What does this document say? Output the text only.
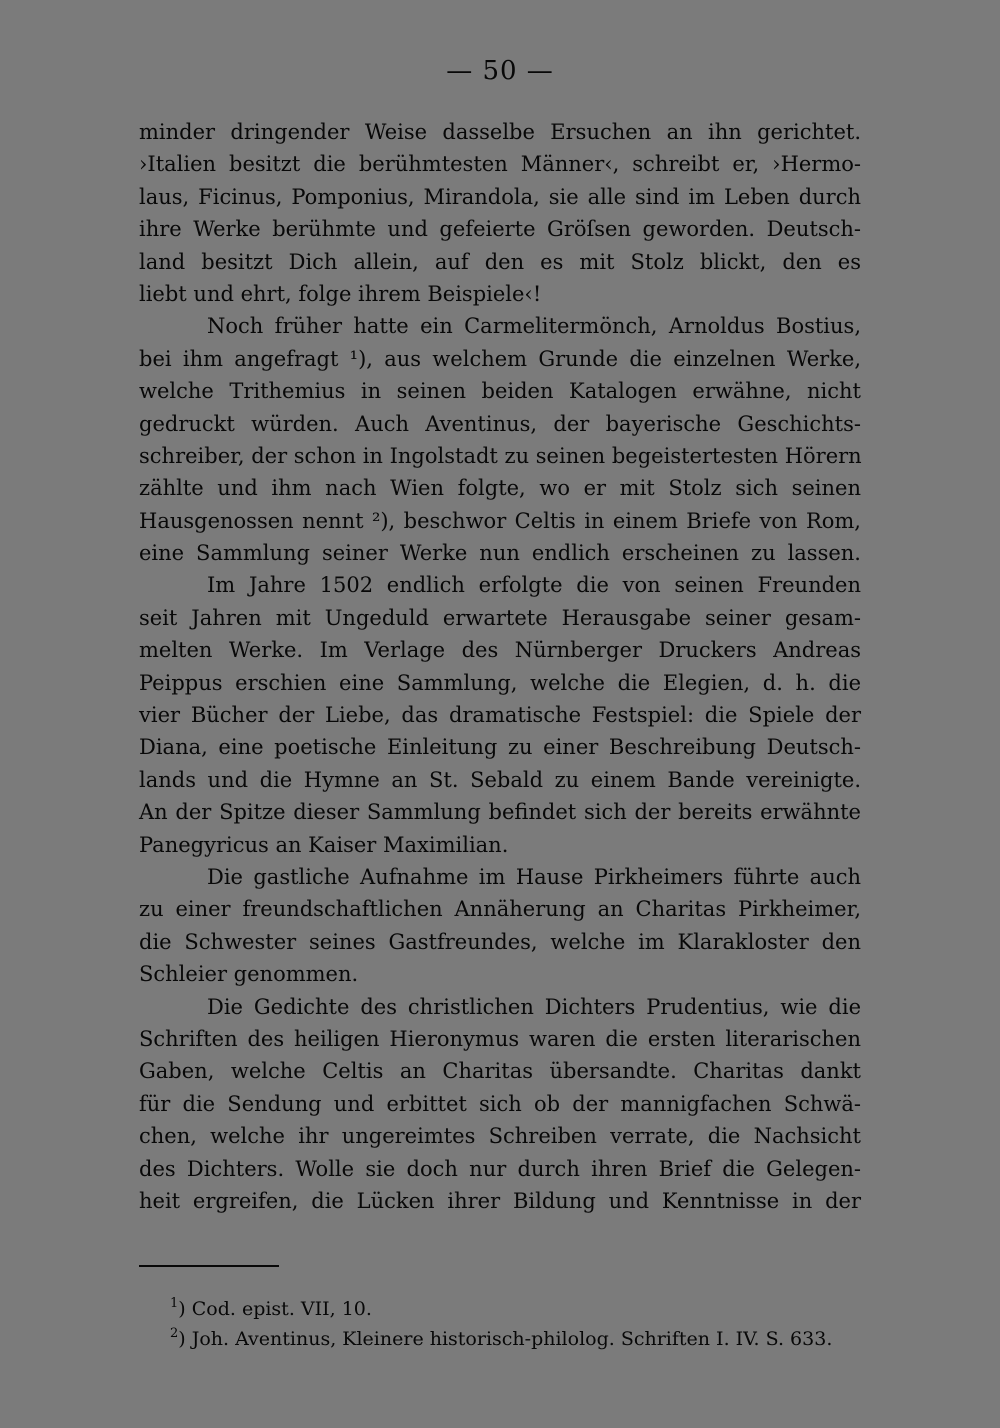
— 50 —
minder dringender Weise dasselbe Ersuchen an ihn gerichtet.
›Italien besitzt die berühmtesten Männer‹, schreibt er, ›Hermo-
laus, Ficinus, Pomponius, Mirandola, sie alle sind im Leben durch
ihre Werke berühmte und gefeierte Gröſsen geworden. Deutsch-
land besitzt Dich allein, auf den es mit Stolz blickt, den es
liebt und ehrt, folge ihrem Beispiele‹!
Noch früher hatte ein Carmelitermönch, Arnoldus Bostius,
bei ihm angefragt ¹), aus welchem Grunde die einzelnen Werke,
welche Trithemius in seinen beiden Katalogen erwähne, nicht
gedruckt würden. Auch Aventinus, der bayerische Geschichts-
schreiber, der schon in Ingolstadt zu seinen begeistertesten Hörern
zählte und ihm nach Wien folgte, wo er mit Stolz sich seinen
Hausgenossen nennt ²), beschwor Celtis in einem Briefe von Rom,
eine Sammlung seiner Werke nun endlich erscheinen zu lassen.
Im Jahre 1502 endlich erfolgte die von seinen Freunden
seit Jahren mit Ungeduld erwartete Herausgabe seiner gesam-
melten Werke. Im Verlage des Nürnberger Druckers Andreas
Peippus erschien eine Sammlung, welche die Elegien, d. h. die
vier Bücher der Liebe, das dramatische Festspiel: die Spiele der
Diana, eine poetische Einleitung zu einer Beschreibung Deutsch-
lands und die Hymne an St. Sebald zu einem Bande vereinigte.
An der Spitze dieser Sammlung befindet sich der bereits erwähnte
Panegyricus an Kaiser Maximilian.
Die gastliche Aufnahme im Hause Pirkheimers führte auch
zu einer freundschaftlichen Annäherung an Charitas Pirkheimer,
die Schwester seines Gastfreundes, welche im Klarakloster den
Schleier genommen.
Die Gedichte des christlichen Dichters Prudentius, wie die
Schriften des heiligen Hieronymus waren die ersten literarischen
Gaben, welche Celtis an Charitas übersandte. Charitas dankt
für die Sendung und erbittet sich ob der mannigfachen Schwä-
chen, welche ihr ungereimtes Schreiben verrate, die Nachsicht
des Dichters. Wolle sie doch nur durch ihren Brief die Gelegen-
heit ergreifen, die Lücken ihrer Bildung und Kenntnisse in der
$^1$) Cod. epist. VII, 10.
$^2$) Joh. Aventinus, Kleinere historisch-philolog. Schriften I. IV. S. 633.
